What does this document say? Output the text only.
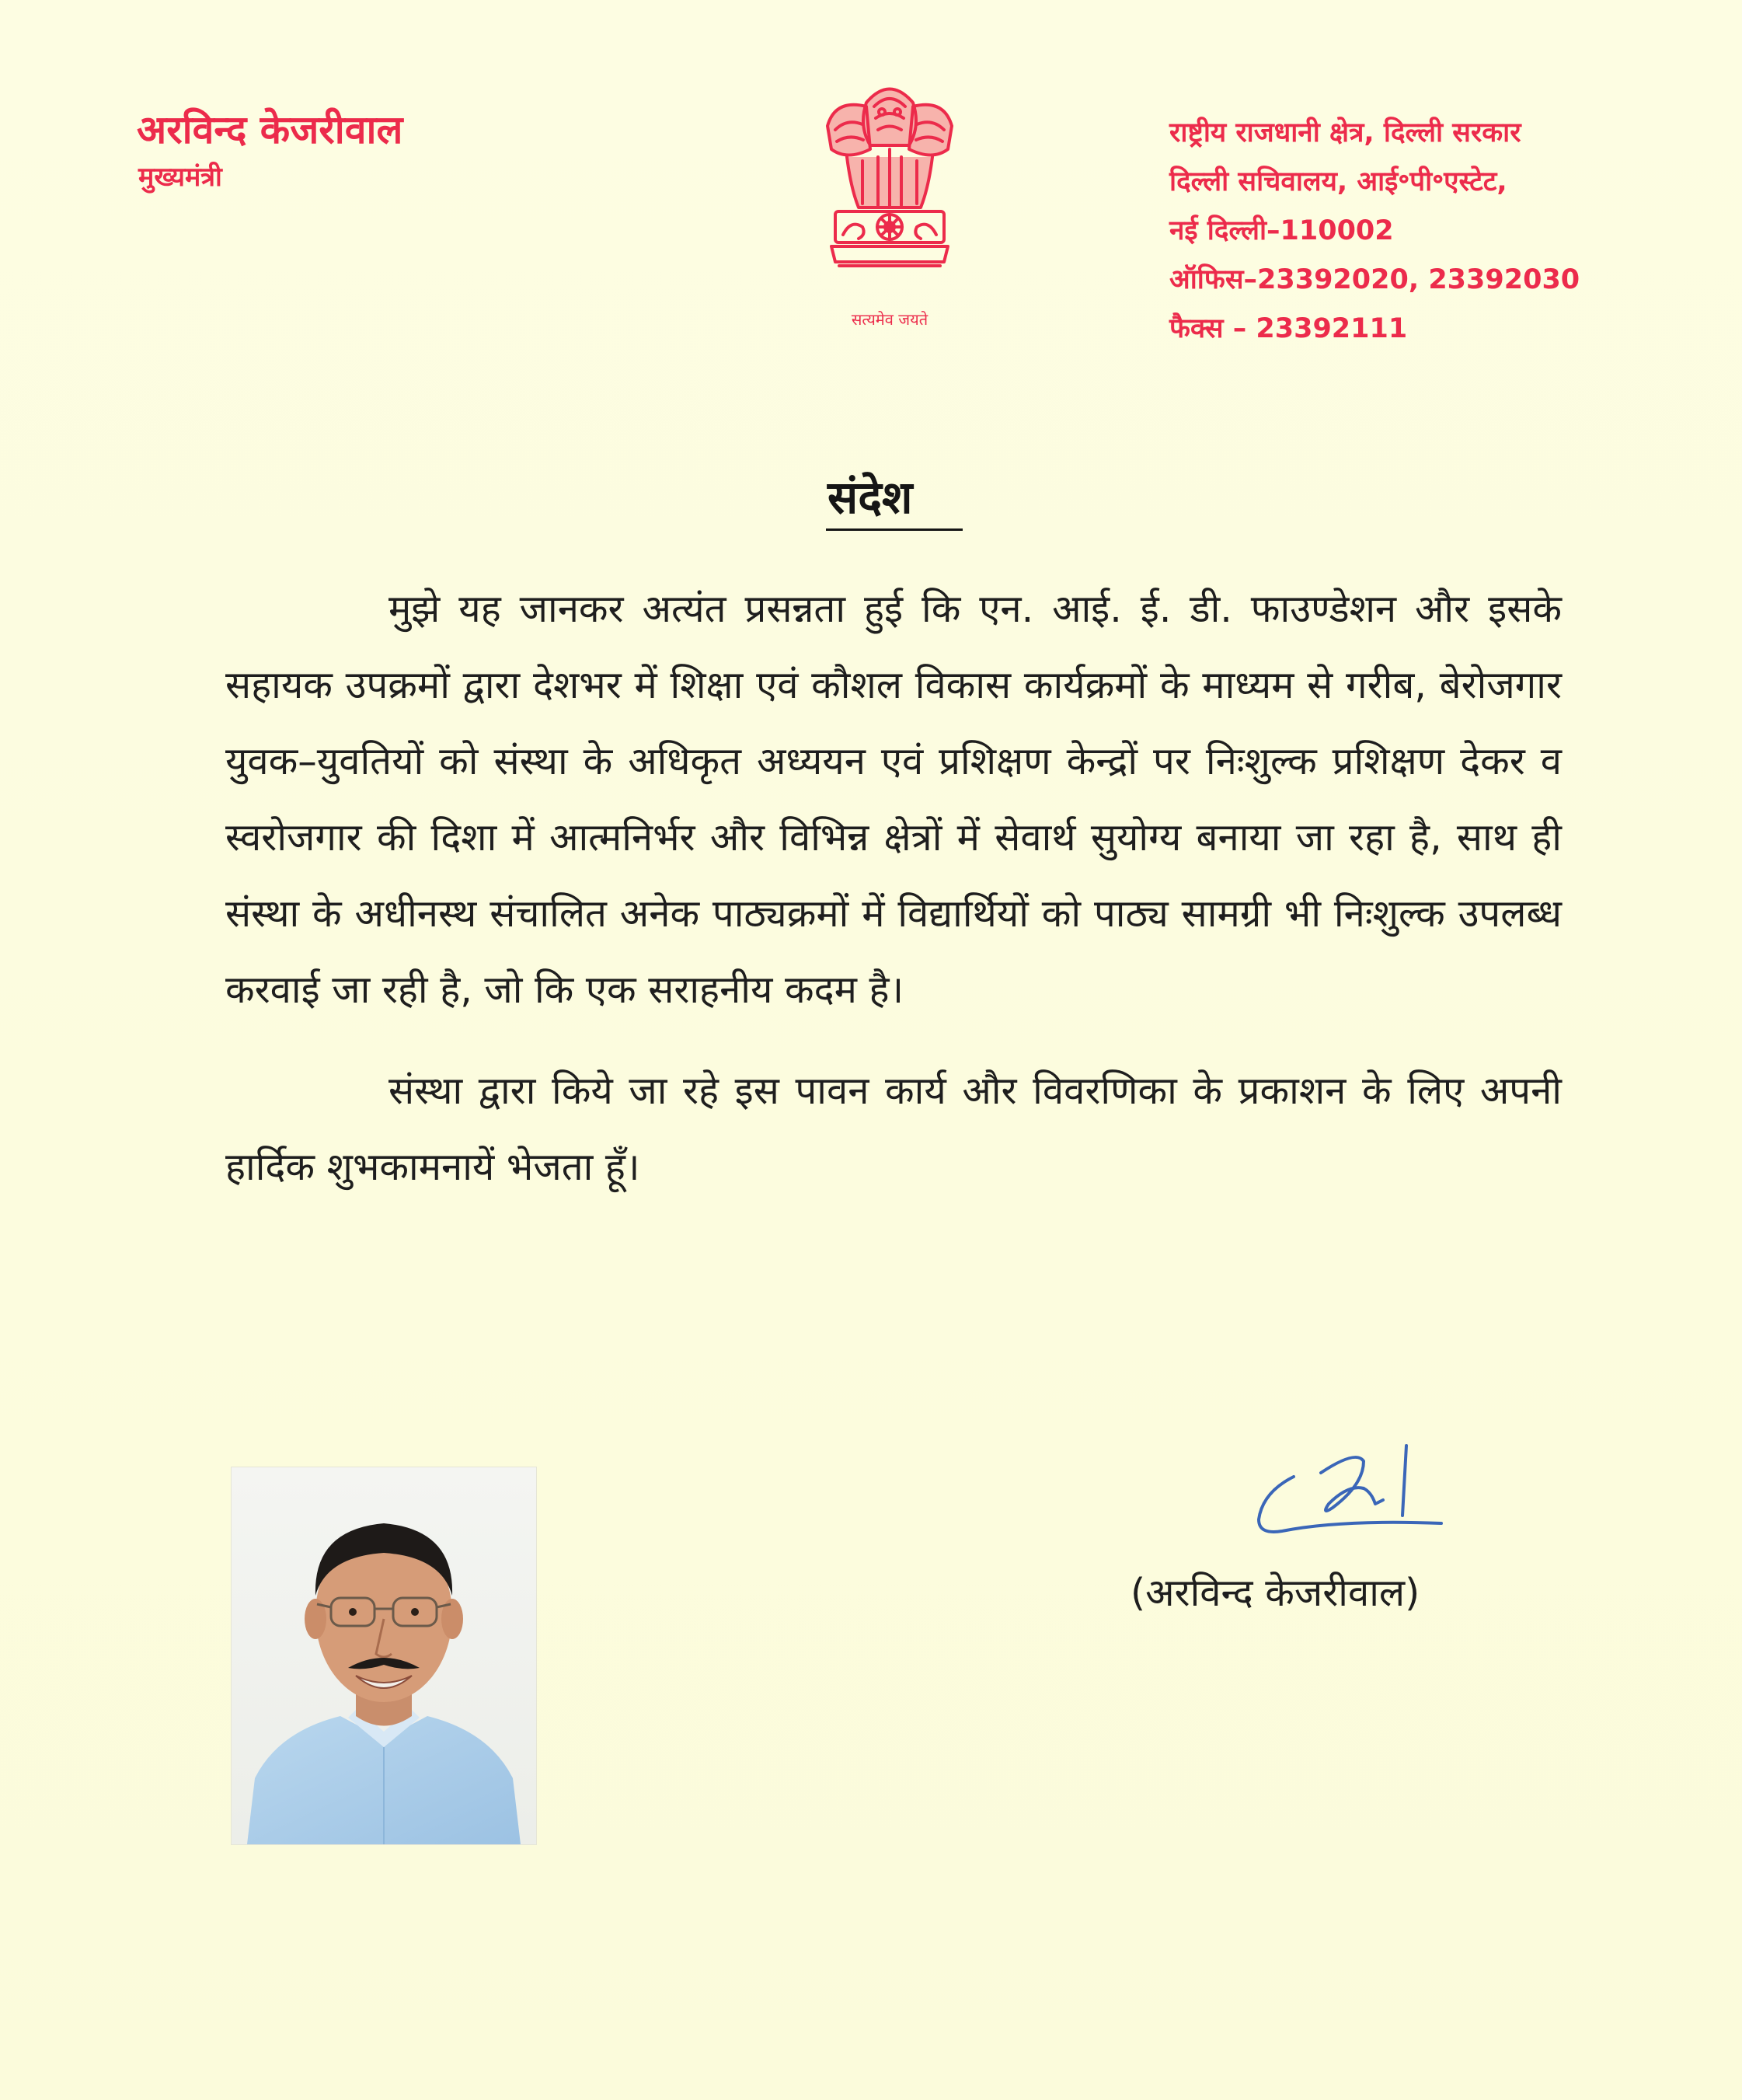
अरविन्द केजरीवाल
मुख्यमंत्री
सत्यमेव जयते
राष्ट्रीय राजधानी क्षेत्र, दिल्ली सरकार
दिल्ली सचिवालय, आई॰पी॰एस्टेट,
नई दिल्ली–110002
ऑफिस–23392020, 23392030
फैक्स – 23392111
संदेश

मुझे यह जानकर अत्यंत प्रसन्नता हुई कि एन. आई. ई. डी. फाउण्डेशन और इसके सहायक उपक्रमों द्वारा देशभर में शिक्षा एवं कौशल विकास कार्यक्रमों के माध्यम से गरीब, बेरोजगार युवक–युवतियों को संस्था के अधिकृत अध्ययन एवं प्रशिक्षण केन्द्रों पर निःशुल्क प्रशिक्षण देकर व स्वरोजगार की दिशा में आत्मनिर्भर और विभिन्न क्षेत्रों में सेवार्थ सुयोग्य बनाया जा रहा है, साथ ही संस्था के अधीनस्थ संचालित अनेक पाठ्यक्रमों में विद्यार्थियों को पाठ्य सामग्री भी निःशुल्क उपलब्ध करवाई जा रही है, जो कि एक सराहनीय कदम है।

संस्था द्वारा किये जा रहे इस पावन कार्य और विवरणिका के प्रकाशन के लिए अपनी हार्दिक शुभकामनायें भेजता हूँ।

(अरविन्द केजरीवाल)
